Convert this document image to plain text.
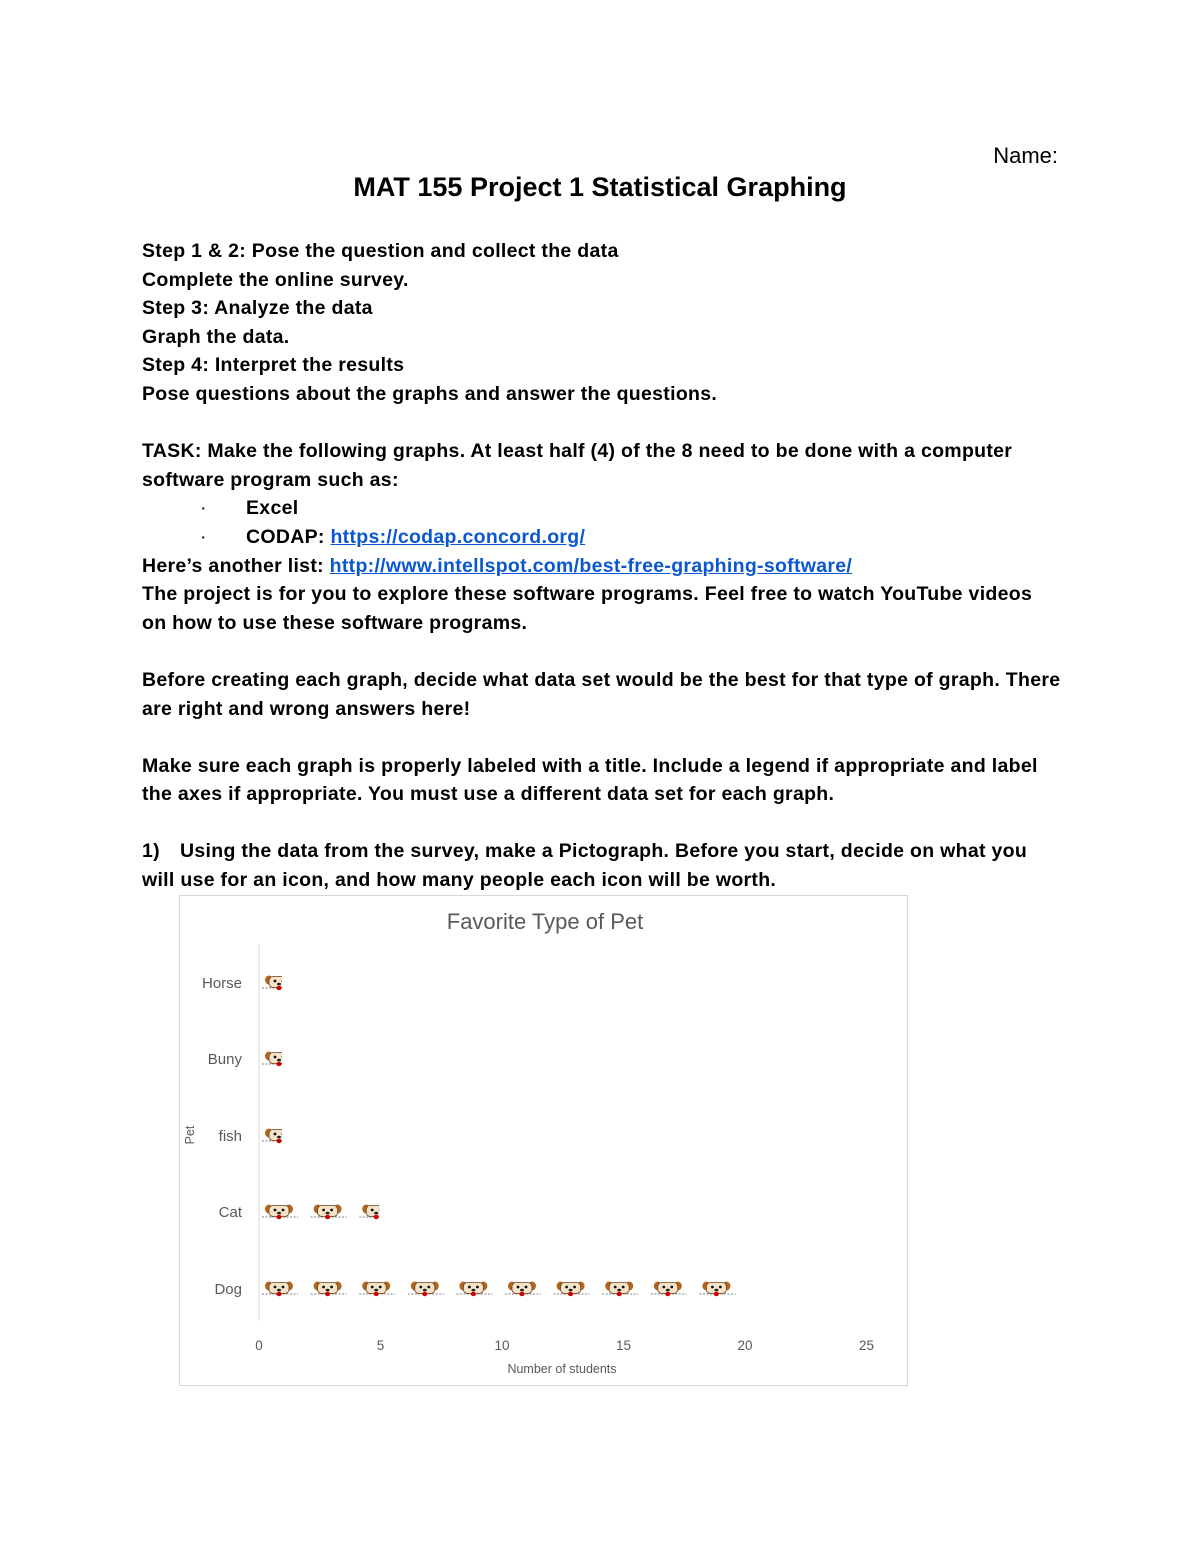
Name:
MAT 155 Project 1 Statistical Graphing

Step 1 & 2: Pose the question and collect the data

Complete the online survey.

Step 3: Analyze the data

Graph the data.

Step 4: Interpret the results

Pose questions about the graphs and answer the questions.

TASK: Make the following graphs. At least half (4) of the 8 need to be done with a computer software program such as:

·	Excel
·	CODAP:
https://codap.concord.org/

Here’s another list: http://www.intellspot.com/best-free-graphing-software/

The project is for you to explore these software programs. Feel free to watch YouTube videos on how to use these software programs.

Before creating each graph, decide what data set would be the best for that type of graph. There are right and wrong answers here!

Make sure each graph is properly labeled with a title. Include a legend if appropriate and label the axes if appropriate. You must use a different data set for each graph.

1) Using the data from the survey, make a Pictograph. Before you start, decide on what you will use for an icon, and how many people each icon will be worth.

Favorite Type of Pet
Pet
Number of students
0	5	10	15	20	25
Horse
Buny
fish
Cat
Dog
